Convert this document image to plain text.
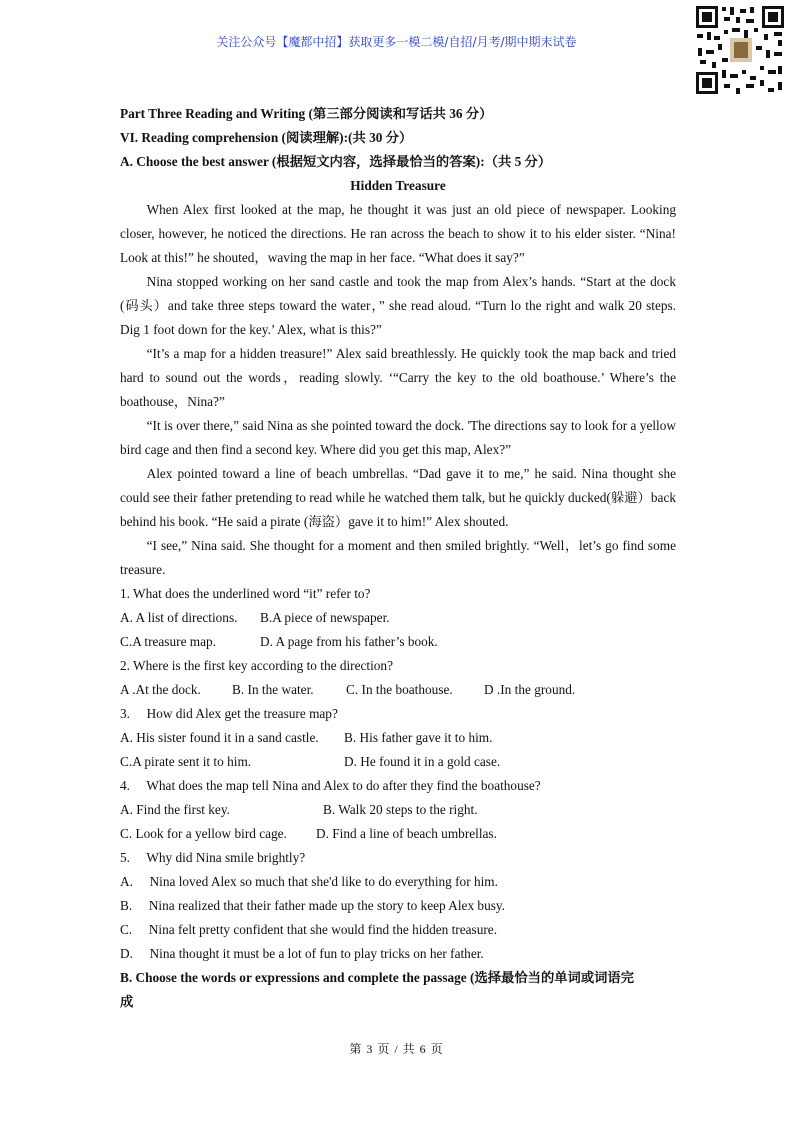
关注公众号【魔都中招】获取更多一模二模/自招/月考/期中期末试卷
Part Three Reading and Writing (第三部分阅读和写话共 36 分）
VI. Reading comprehension (阅读理解):(共 30 分）
A. Choose the best answer (根据短文内容，选择最恰当的答案):（共 5 分）
Hidden Treasure
When Alex first looked at the map, he thought it was just an old piece of newspaper. Looking closer, however, he noticed the directions. He ran across the beach to show it to his elder sister. “Nina! Look at this!” he shouted，waving the map in her face. “What does it say?”
Nina stopped working on her sand castle and took the map from Alex’s hands. “Start at the dock (码头）and take three steps toward the water，” she read aloud. “Turn lo the right and walk 20 steps. Dig 1 foot down for the key.’ Alex, what is this?”
“It’s a map for a hidden treasure!” Alex said breathlessly. He quickly took the map back and tried hard to sound out the words，reading slowly. ‘“Carry the key to the old boathouse.’ Where’s the boathouse，Nina?”
“It is over there,” said Nina as she pointed toward the dock. 'The directions say to look for a yellow bird cage and then find a second key. Where did you get this map, Alex?”
Alex pointed toward a line of beach umbrellas. “Dad gave it to me,” he said. Nina thought she could see their father pretending to read while he watched them talk, but he quickly ducked(躲避）back behind his book. “He said a pirate (海盗）gave it to him!” Alex shouted.
“I see,” Nina said. She thought for a moment and then smiled brightly. “Well，let’s go find some treasure.
1. What does the underlined word “it” refer to?
A. A list of directions. B.A piece of newspaper.
C.A treasure map.	D. A page from his father’s book.
2. Where is the first key according to the direction?
A .At the dock. B. In the water. C. In the boathouse. D .In the ground.
3.     How did Alex get the treasure map?
A. His sister found it in a sand castle. B. His father gave it to him.
C.A pirate sent it to him.	D. He found it in a gold case.
4.     What does the map tell Nina and Alex to do after they find the boathouse?
A. Find the first key.	B. Walk 20 steps to the right.
C. Look for a yellow bird cage. D. Find a line of beach umbrellas.
5.     Why did Nina smile brightly?
A.     Nina loved Alex so much that she'd like to do everything for him.
B.     Nina realized that their father made up the story to keep Alex busy.
C.     Nina felt pretty confident that she would find the hidden treasure.
D.     Nina thought it must be a lot of fun to play tricks on her father.
B. Choose the words or expressions and complete the passage (选择最恰当的单词或词语完
成
第 3 页 / 共 6 页
